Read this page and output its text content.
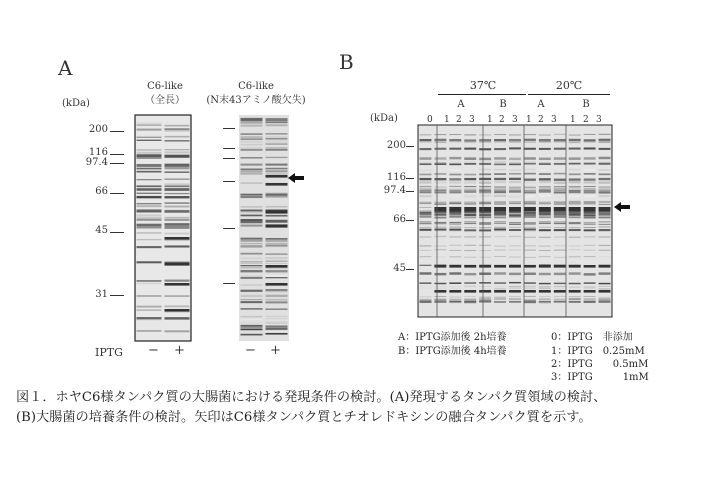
A
(kDa)
C6-like
（全長）
C6-like
(N末43アミノ酸欠失)
200
116
97.4
66
45
31
IPTG − +	− +
B
(kDa)
37℃	20℃
A	B	A	B
0 1 2 3 1 2 3 1 2 3 1 2 3
200
116
97.4
66
45
A：IPTG添加後 2h培養
B：IPTG添加後 4h培養
0：IPTG　非添加
1：IPTG　0.25mM
2：IPTG　　0.5mM
3：IPTG　　　1mM
図１．ホヤC6様タンパク質の大腸菌における発現条件の検討。(A)発現するタンパク質領域の検討、
(B)大腸菌の培養条件の検討。矢印はC6様タンパク質とチオレドキシンの融合タンパク質を示す。
